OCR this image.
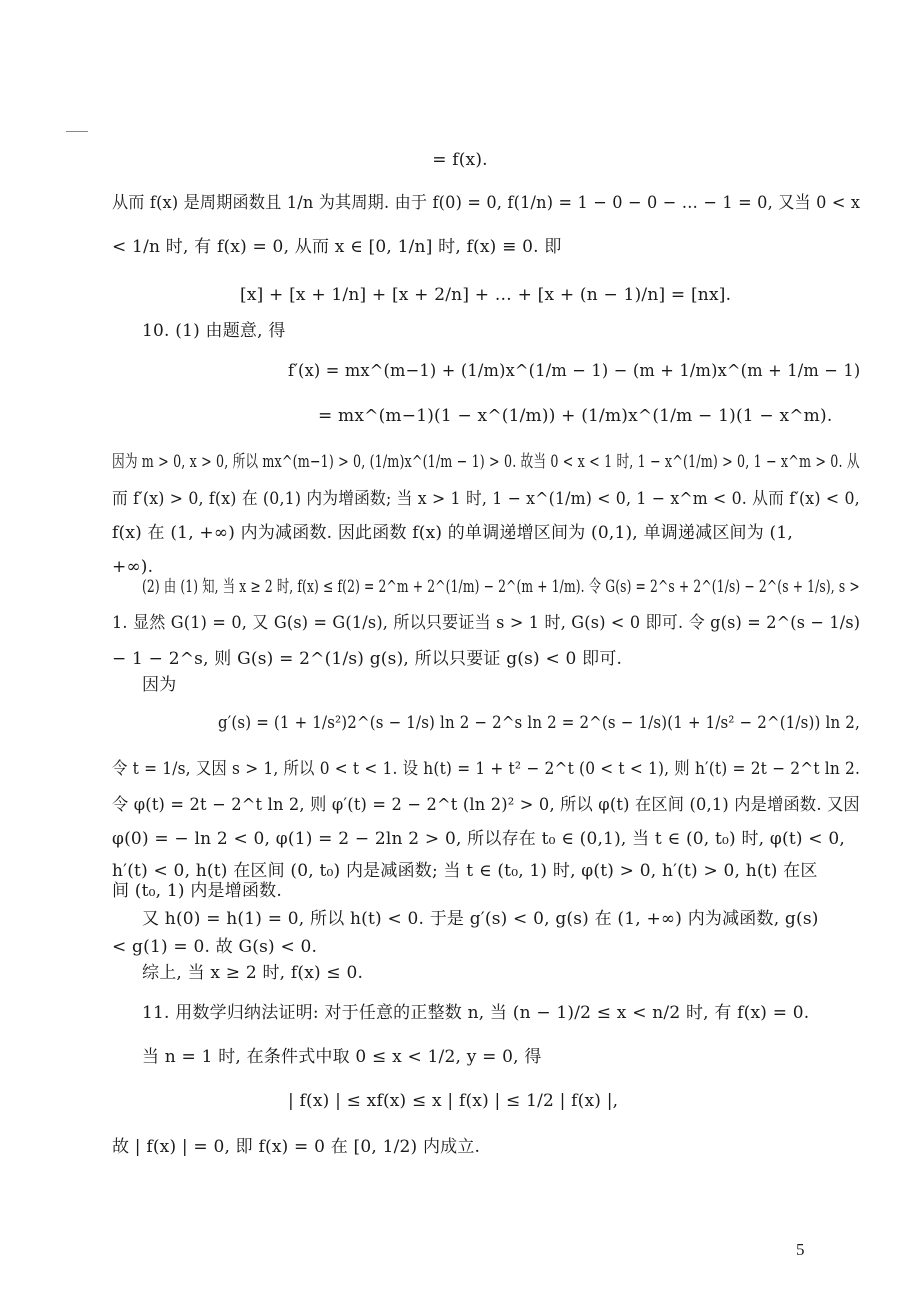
= f(x).
从而 f(x) 是周期函数且 1/n 为其周期. 由于 f(0) = 0, f(1/n) = 1 − 0 − 0 − … − 1 = 0, 又当 0 < x
< 1/n 时, 有 f(x) = 0, 从而 x ∈ [0, 1/n] 时, f(x) ≡ 0. 即
[x] + [x + 1/n] + [x + 2/n] + … + [x + (n − 1)/n] = [nx].
10. (1) 由题意, 得
f′(x) = mx^(m−1) + (1/m)x^(1/m − 1) − (m + 1/m)x^(m + 1/m − 1)
= mx^(m−1)(1 − x^(1/m)) + (1/m)x^(1/m − 1)(1 − x^m).
因为 m > 0, x > 0, 所以 mx^(m−1) > 0, (1/m)x^(1/m − 1) > 0. 故当 0 < x < 1 时, 1 − x^(1/m) > 0, 1 − x^m > 0. 从
而 f′(x) > 0, f(x) 在 (0,1) 内为增函数; 当 x > 1 时, 1 − x^(1/m) < 0, 1 − x^m < 0. 从而 f′(x) < 0,
f(x) 在 (1, +∞) 内为减函数. 因此函数 f(x) 的单调递增区间为 (0,1), 单调递减区间为 (1,
+∞).
(2) 由 (1) 知, 当 x ≥ 2 时, f(x) ≤ f(2) = 2^m + 2^(1/m) − 2^(m + 1/m). 令 G(s) = 2^s + 2^(1/s) − 2^(s + 1/s), s >
1. 显然 G(1) = 0, 又 G(s) = G(1/s), 所以只要证当 s > 1 时, G(s) < 0 即可. 令 g(s) = 2^(s − 1/s)
− 1 − 2^s, 则 G(s) = 2^(1/s) g(s), 所以只要证 g(s) < 0 即可.
因为
g′(s) = (1 + 1/s²)2^(s − 1/s) ln 2 − 2^s ln 2 = 2^(s − 1/s)(1 + 1/s² − 2^(1/s)) ln 2,
令 t = 1/s, 又因 s > 1, 所以 0 < t < 1. 设 h(t) = 1 + t² − 2^t (0 < t < 1), 则 h′(t) = 2t − 2^t ln 2.
令 φ(t) = 2t − 2^t ln 2, 则 φ′(t) = 2 − 2^t (ln 2)² > 0, 所以 φ(t) 在区间 (0,1) 内是增函数. 又因
φ(0) = − ln 2 < 0, φ(1) = 2 − 2ln 2 > 0, 所以存在 t₀ ∈ (0,1), 当 t ∈ (0, t₀) 时, φ(t) < 0,
h′(t) < 0, h(t) 在区间 (0, t₀) 内是减函数; 当 t ∈ (t₀, 1) 时, φ(t) > 0, h′(t) > 0, h(t) 在区
间 (t₀, 1) 内是增函数.
又 h(0) = h(1) = 0, 所以 h(t) < 0. 于是 g′(s) < 0, g(s) 在 (1, +∞) 内为减函数, g(s)
< g(1) = 0. 故 G(s) < 0.
综上, 当 x ≥ 2 时, f(x) ≤ 0.
11. 用数学归纳法证明: 对于任意的正整数 n, 当 (n − 1)/2 ≤ x < n/2 时, 有 f(x) = 0.
当 n = 1 时, 在条件式中取 0 ≤ x < 1/2, y = 0, 得
| f(x) | ≤ xf(x) ≤ x | f(x) | ≤ 1/2 | f(x) |,
故 | f(x) | = 0, 即 f(x) = 0 在 [0, 1/2) 内成立.
5
